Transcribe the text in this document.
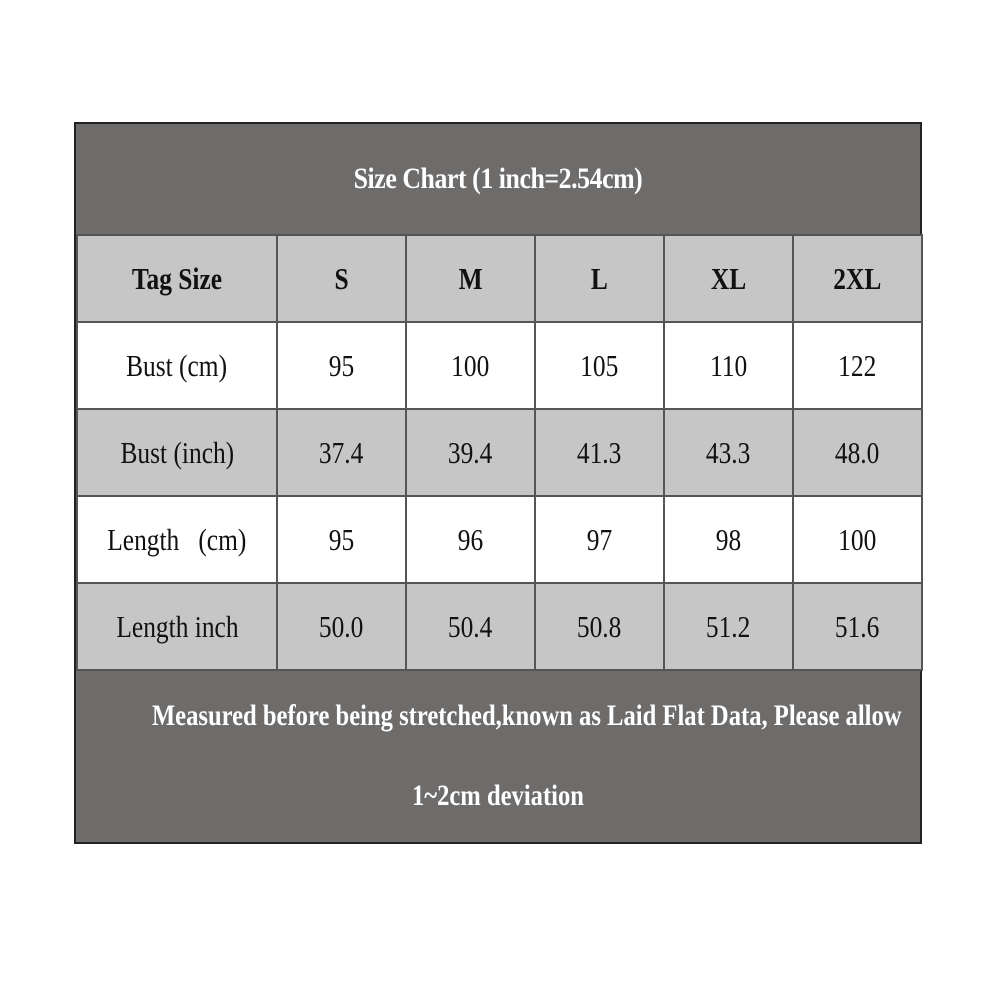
Size Chart (1 inch=2.54cm)
Tag Size	S	M	L	XL	2XL
Bust (cm)	95	100	105	110	122
Bust (inch)	37.4	39.4	41.3	43.3	48.0
Length   (cm)	95	96	97	98	100
Length inch	50.0	50.4	50.8	51.2	51.6
Measured before being stretched,known as Laid Flat Data, Please allow
1~2cm deviation
